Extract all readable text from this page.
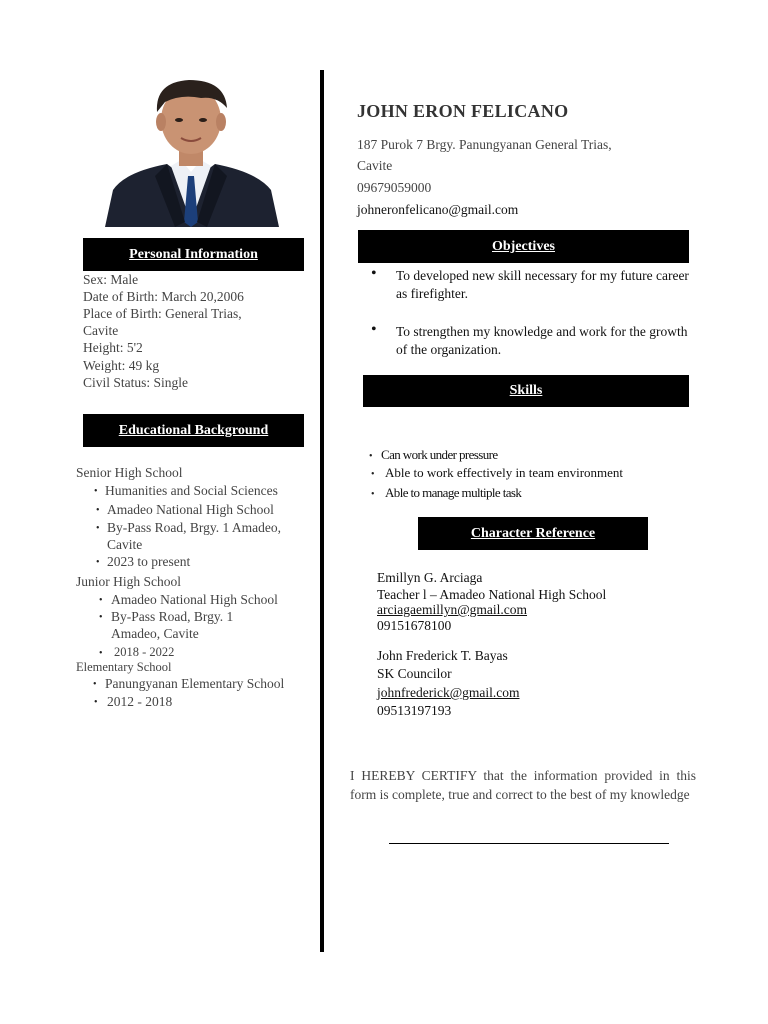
Personal Information
Sex: Male
Date of Birth: March 20,2006
Place of Birth: General Trias,
Cavite
Height: 5'2
Weight: 49 kg
Civil Status: Single
Educational Background
Senior High School
• Humanities and Social Sciences
• Amadeo National High School
• By-Pass Road, Brgy. 1 Amadeo,
Cavite
• 2023 to present
Junior High School
• Amadeo National High School
• By-Pass Road, Brgy. 1
Amadeo, Cavite
• 2018 - 2022
Elementary School
• Panungyanan Elementary School
• 2012 - 2018
JOHN ERON FELICANO
187 Purok 7 Brgy. Panungyanan General Trias,
Cavite
09679059000
johneronfelicano@gmail.com
Objectives
• To developed new skill necessary for my future career as firefighter.
• To strengthen my knowledge and work for the growth of the organization.
Skills
• Can work under pressure
• Able to work effectively in team environment
• Able to manage multiple task
Character Reference
Emillyn G. Arciaga
Teacher l – Amadeo National High School
arciagaemillyn@gmail.com
09151678100
John Frederick T. Bayas
SK Councilor
johnfrederick@gmail.com
09513197193
I HEREBY CERTIFY that the information provided in this form is complete, true and correct to the best of my knowledge
